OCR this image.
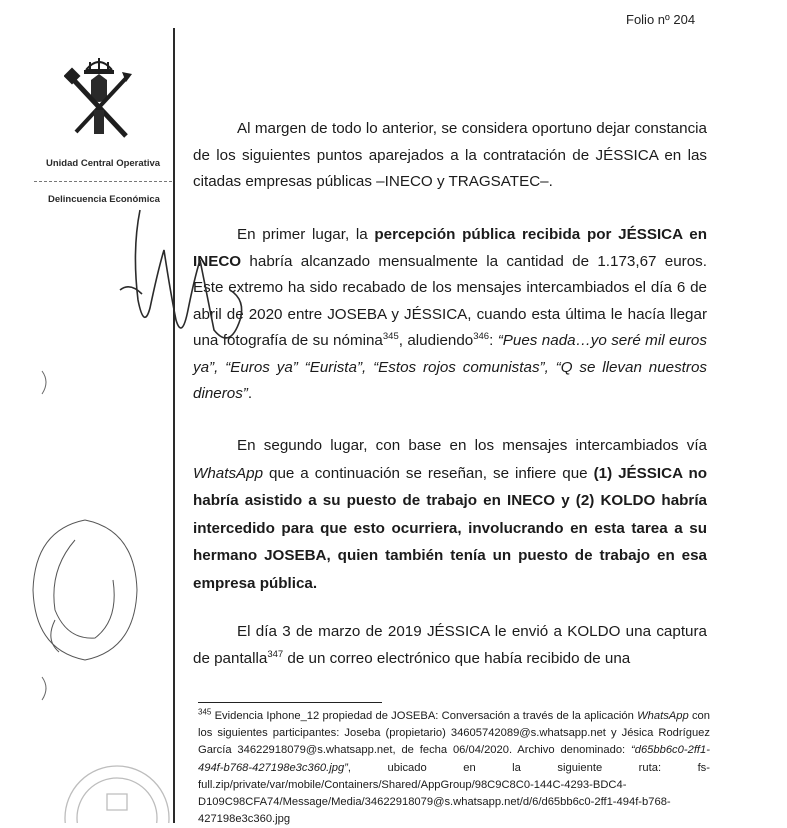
Folio nº 204
Unidad Central Operativa
Delincuencia Económica

Al margen de todo lo anterior, se considera oportuno dejar constancia de los siguientes puntos aparejados a la contratación de JÉSSICA en las citadas empresas públicas –INECO y TRAGSATEC–.

En primer lugar, la percepción pública recibida por JÉSSICA en INECO habría alcanzado mensualmente la cantidad de 1.173,67 euros. Este extremo ha sido recabado de los mensajes intercambiados el día 6 de abril de 2020 entre JOSEBA y JÉSSICA, cuando esta última le hacía llegar una fotografía de su nómina$^{345}$, aludiendo$^{346}$: “Pues nada…yo seré mil euros ya”, “Euros ya” “Eurista”, “Estos rojos comunistas”, “Q se llevan nuestros dineros”.

En segundo lugar, con base en los mensajes intercambiados vía WhatsApp que a continuación se reseñan, se infiere que (1) JÉSSICA no habría asistido a su puesto de trabajo en INECO y (2) KOLDO habría intercedido para que esto ocurriera, involucrando en esta tarea a su hermano JOSEBA, quien también tenía un puesto de trabajo en esa empresa pública.

El día 3 de marzo de 2019 JÉSSICA le envió a KOLDO una captura de pantalla$^{347}$ de un correo electrónico que había recibido de una

$^{345}$ Evidencia Iphone_12 propiedad de JOSEBA: Conversación a través de la aplicación WhatsApp con los siguientes participantes: Joseba (propietario) 34605742089@s.whatsapp.net y Jésica Rodríguez García 34622918079@s.whatsapp.net, de fecha 06/04/2020. Archivo denominado: “d65bb6c0-2ff1-494f-b768-427198e3c360.jpg”, ubicado en la siguiente ruta: fs-full.zip/private/var/mobile/Containers/Shared/AppGroup/98C9C8C0-144C-4293-BDC4-D109C98CFA74/Message/Media/34622918079@s.whatsapp.net/d/6/d65bb6c0-2ff1-494f-b768-427198e3c360.jpg
